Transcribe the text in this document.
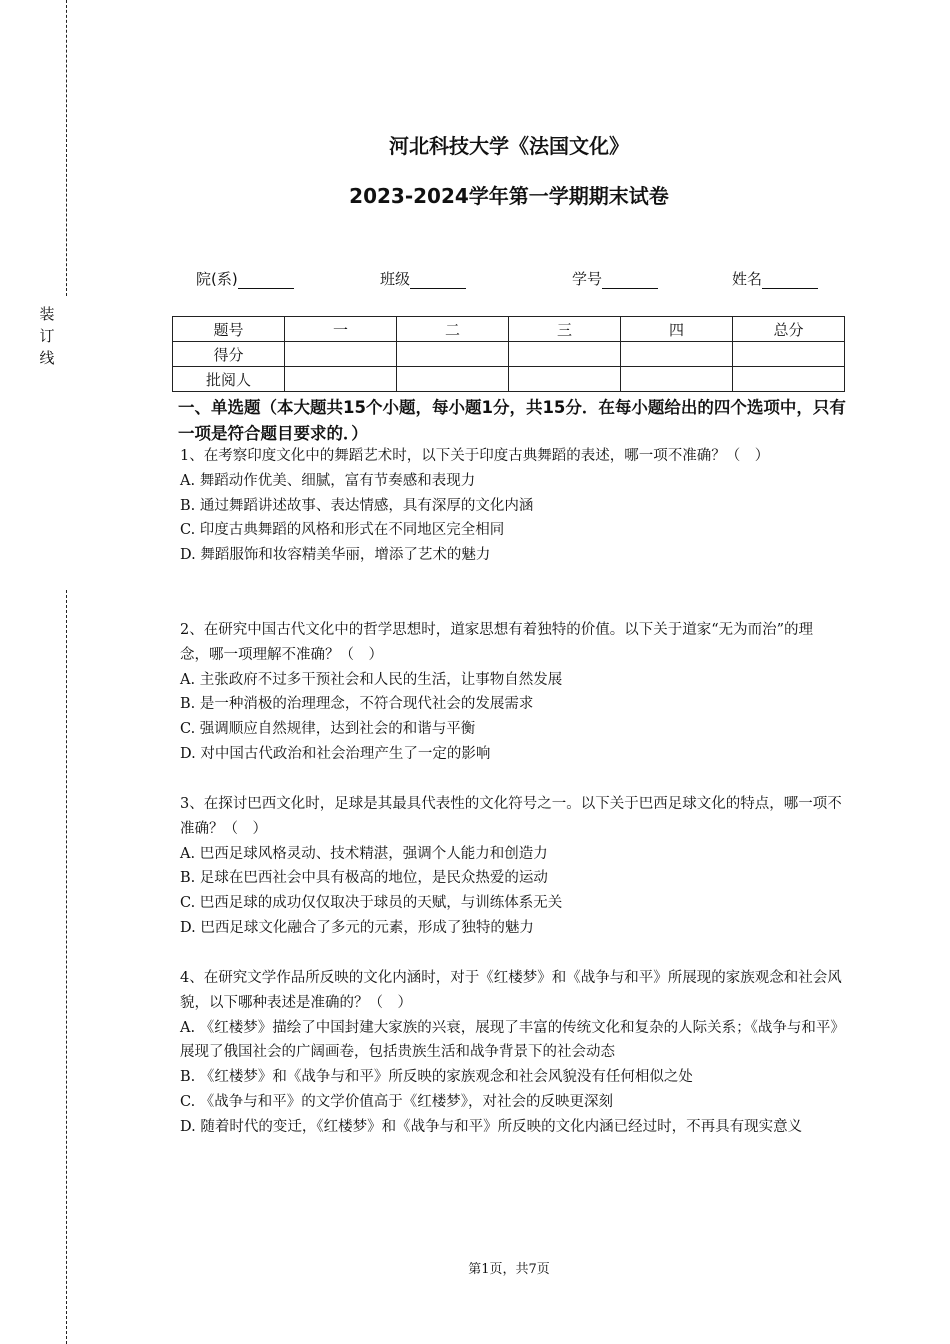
装订线
河北科技大学《法国文化》
2023-2024学年第一学期期末试卷
院(系)	班级	学号	姓名
题号	一	二	三	四	总分
得分					
批阅人					
一、单选题（本大题共15个小题，每小题1分，共15分．在每小题给出的四个选项中，只有一项是符合题目要求的．）

1、在考察印度文化中的舞蹈艺术时，以下关于印度古典舞蹈的表述，哪一项不准确？（　）

A. 舞蹈动作优美、细腻，富有节奏感和表现力

B. 通过舞蹈讲述故事、表达情感，具有深厚的文化内涵

C. 印度古典舞蹈的风格和形式在不同地区完全相同

D. 舞蹈服饰和妆容精美华丽，增添了艺术的魅力

2、在研究中国古代文化中的哲学思想时，道家思想有着独特的价值。以下关于道家“无为而治”的理念，哪一项理解不准确？（　）

A. 主张政府不过多干预社会和人民的生活，让事物自然发展

B. 是一种消极的治理理念，不符合现代社会的发展需求

C. 强调顺应自然规律，达到社会的和谐与平衡

D. 对中国古代政治和社会治理产生了一定的影响

3、在探讨巴西文化时，足球是其最具代表性的文化符号之一。以下关于巴西足球文化的特点，哪一项不准确？（　）

A. 巴西足球风格灵动、技术精湛，强调个人能力和创造力

B. 足球在巴西社会中具有极高的地位，是民众热爱的运动

C. 巴西足球的成功仅仅取决于球员的天赋，与训练体系无关

D. 巴西足球文化融合了多元的元素，形成了独特的魅力

4、在研究文学作品所反映的文化内涵时，对于《红楼梦》和《战争与和平》所展现的家族观念和社会风貌，以下哪种表述是准确的？（　）

A. 《红楼梦》描绘了中国封建大家族的兴衰，展现了丰富的传统文化和复杂的人际关系；《战争与和平》展现了俄国社会的广阔画卷，包括贵族生活和战争背景下的社会动态

B. 《红楼梦》和《战争与和平》所反映的家族观念和社会风貌没有任何相似之处

C. 《战争与和平》的文学价值高于《红楼梦》，对社会的反映更深刻

D. 随着时代的变迁，《红楼梦》和《战争与和平》所反映的文化内涵已经过时，不再具有现实意义

第1页，共7页
